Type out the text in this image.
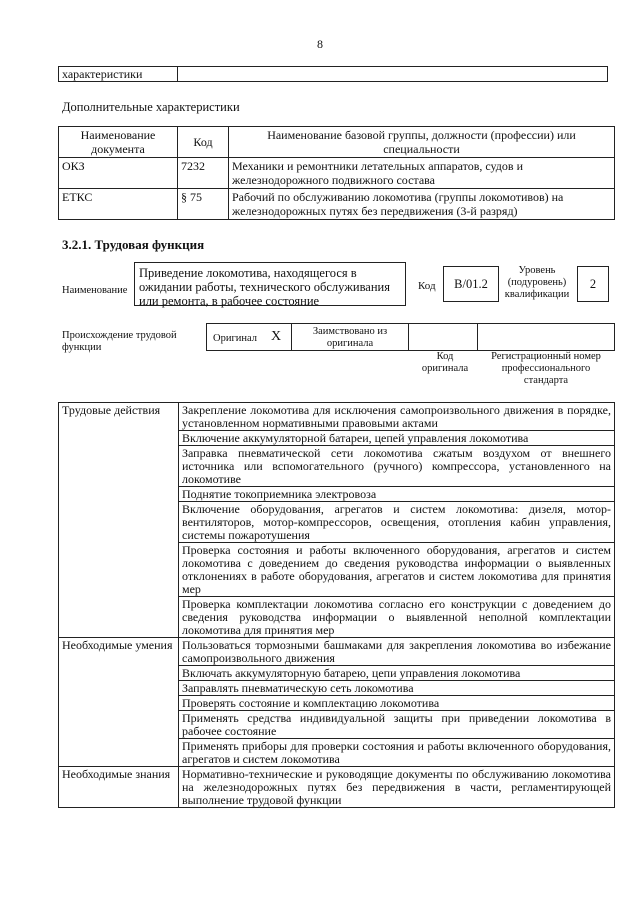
8
характеристики	
Дополнительные характеристики
Наименование документа	Код	Наименование базовой группы, должности (профессии) или специальности
ОКЗ	7232	Механики и ремонтники летательных аппаратов, судов и железнодорожного подвижного состава
ЕТКС	§ 75	Рабочий по обслуживанию локомотива (группы локомотивов) на железнодорожных путях без передвижения (3-й разряд)
3.2.1. Трудовая функция
Наименование
Приведение локомотива, находящегося в ожидании работы, технического обслуживания или ремонта, в рабочее состояние
Код	В/01.2
Уровень (подуровень) квалификации
2
Происхождение трудовой функции
Оригинал X	Заимствовано из оригинала
Код оригинала
Регистрационный номер профессионального стандарта
Трудовые действия	Закрепление локомотива для исключения самопроизвольного движения в порядке, установленном нормативными правовыми актами
	Включение аккумуляторной батареи, цепей управления локомотива
	Заправка пневматической сети локомотива сжатым воздухом от внешнего источника или вспомогательного (ручного) компрессора, установленного на локомотиве
	Поднятие токоприемника электровоза
	Включение оборудования, агрегатов и систем локомотива: дизеля, мотор-вентиляторов, мотор-компрессоров, освещения, отопления кабин управления, системы пожаротушения
	Проверка состояния и работы включенного оборудования, агрегатов и систем локомотива с доведением до сведения руководства информации о выявленных отклонениях в работе оборудования, агрегатов и систем локомотива для принятия мер
	Проверка комплектации локомотива согласно его конструкции с доведением до сведения руководства информации о выявленной неполной комплектации локомотива для принятия мер
Необходимые умения	Пользоваться тормозными башмаками для закрепления локомотива во избежание самопроизвольного движения
	Включать аккумуляторную батарею, цепи управления локомотива
	Заправлять пневматическую сеть локомотива
	Проверять состояние и комплектацию локомотива
	Применять средства индивидуальной защиты при приведении локомотива в рабочее состояние
	Применять приборы для проверки состояния и работы включенного оборудования, агрегатов и систем локомотива
Необходимые знания	Нормативно-технические и руководящие документы по обслуживанию локомотива на железнодорожных путях без передвижения в части, регламентирующей выполнение трудовой функции
